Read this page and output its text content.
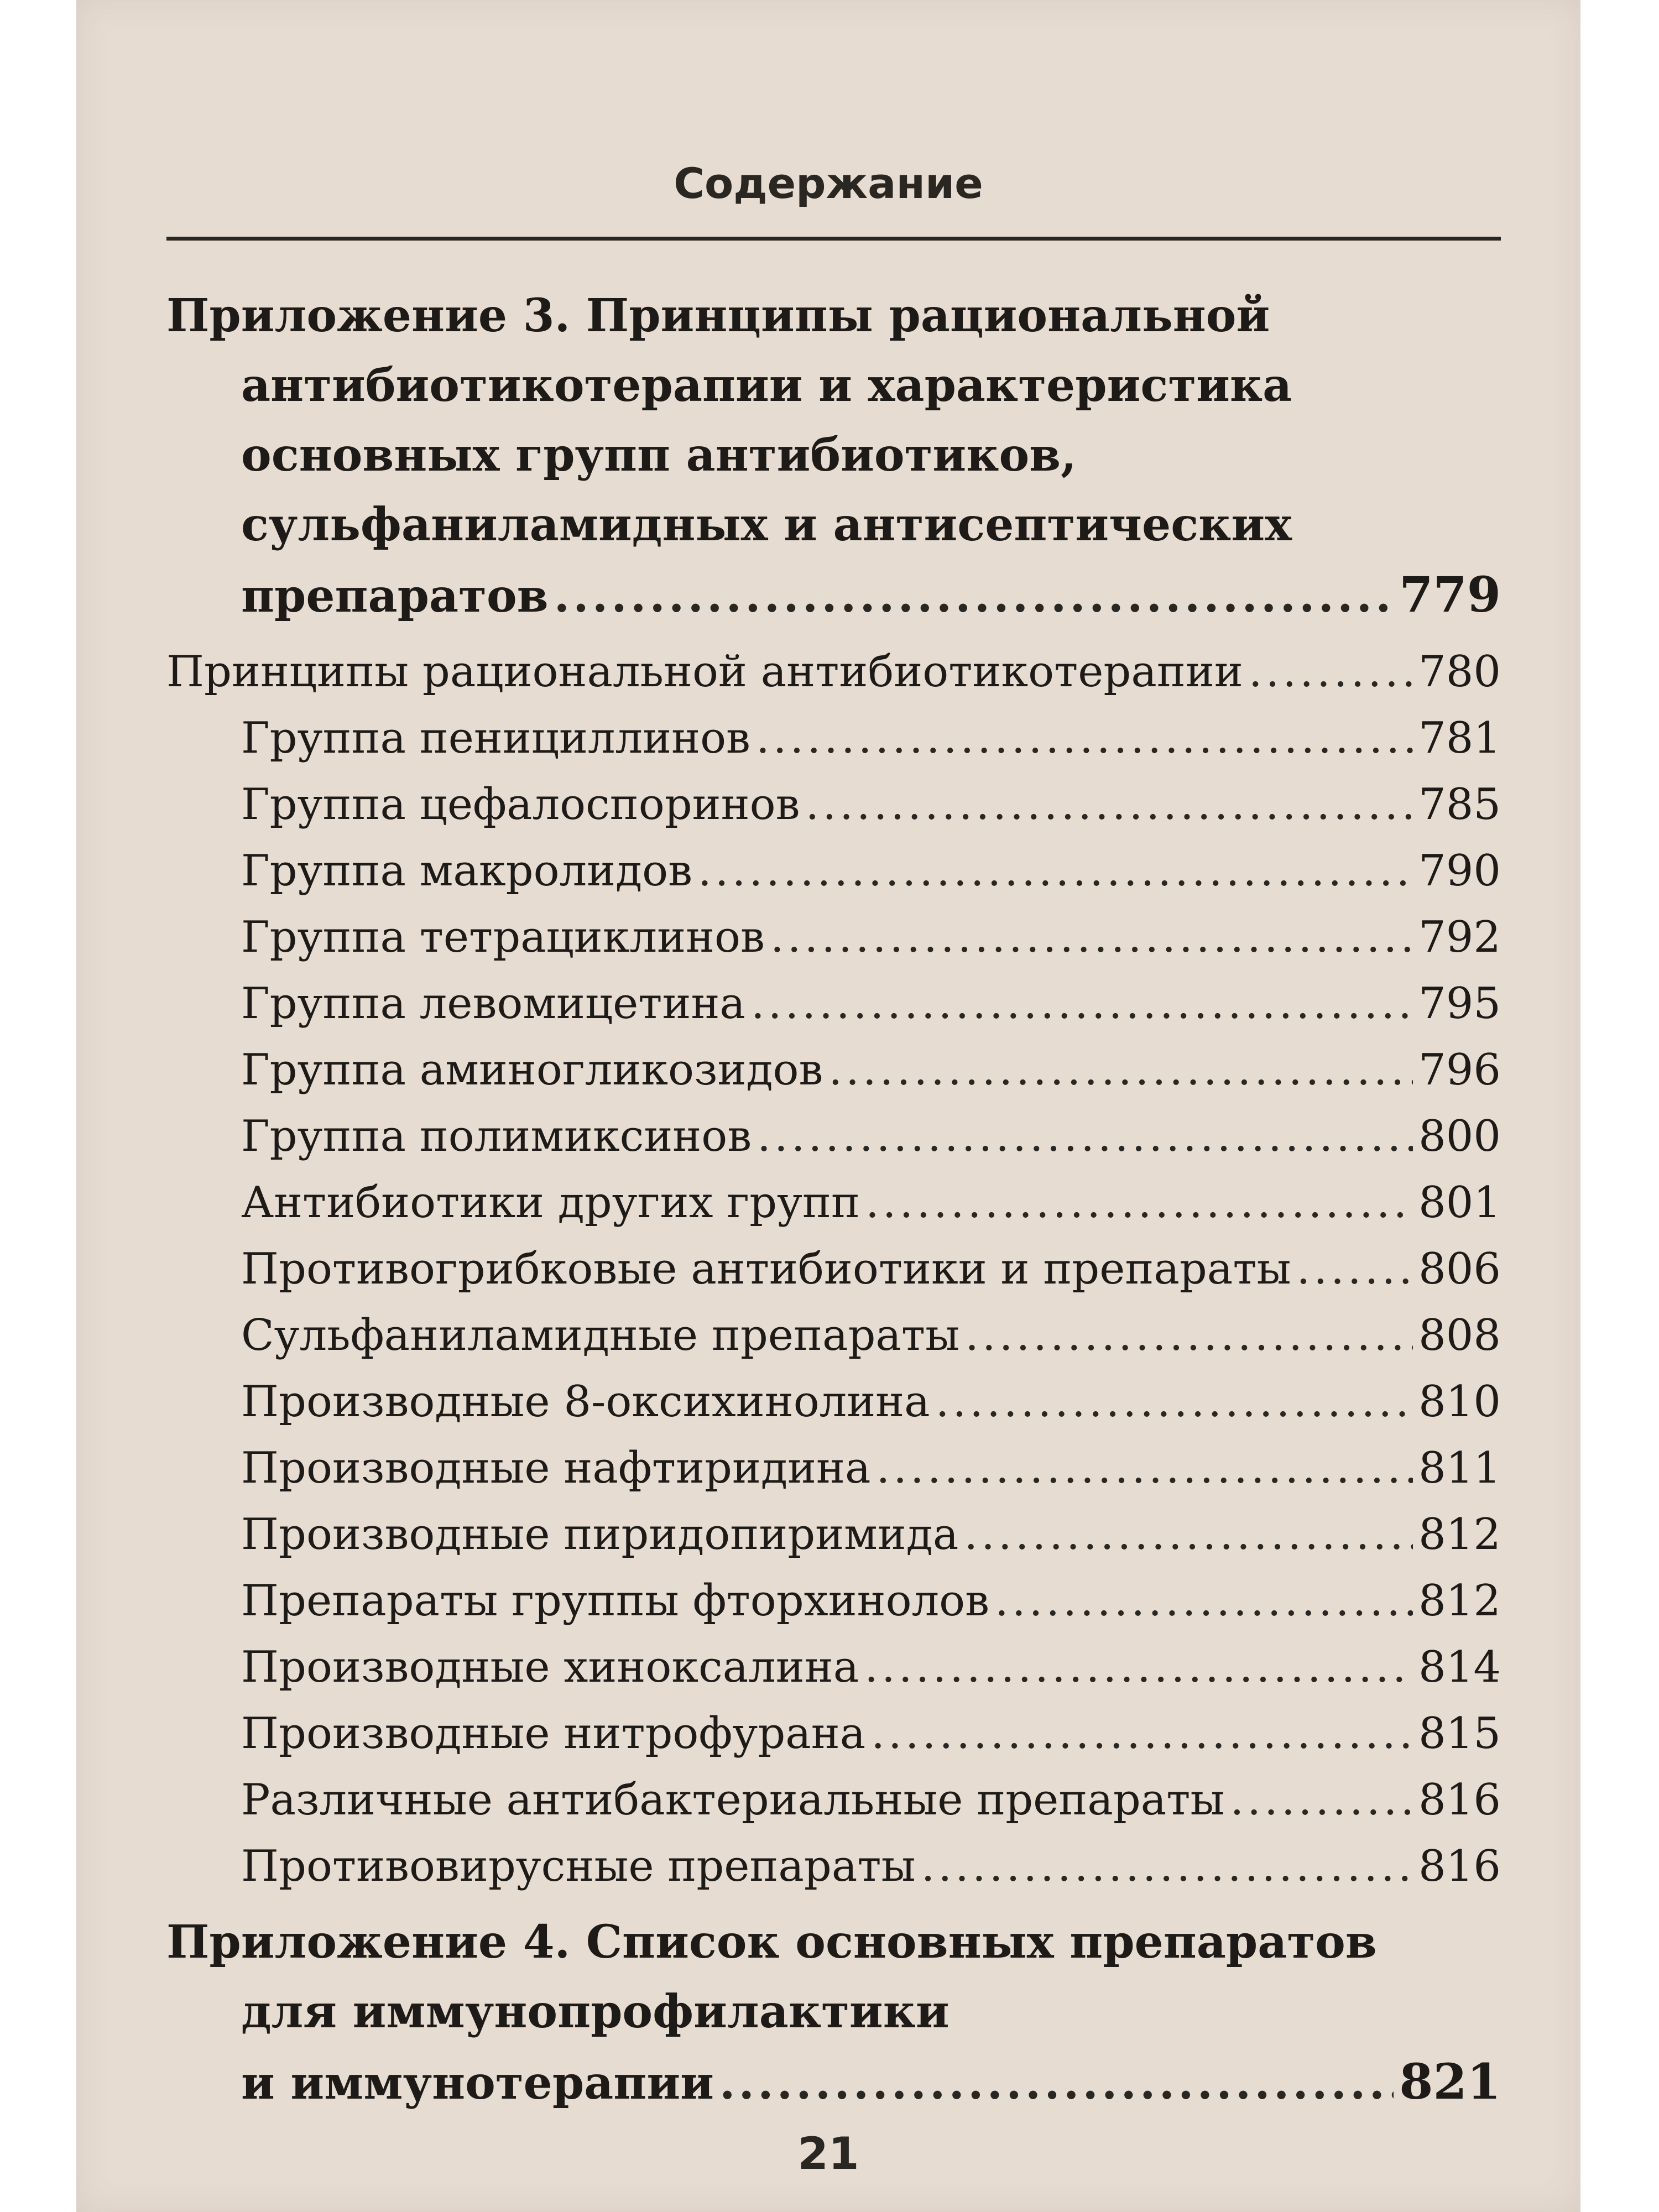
Содержание
Приложение 3. Принципы рациональной
антибиотикотерапии и характеристика
основных групп антибиотиков,
сульфаниламидных и антисептических
препаратов .....	779
Принципы рациональной антибиотикотерапии .....	780
Группа пенициллинов .....	781
Группа цефалоспоринов .....	785
Группа макролидов .....	790
Группа тетрациклинов .....	792
Группа левомицетина .....	795
Группа аминогликозидов .....	796
Группа полимиксинов .....	800
Антибиотики других групп .....	801
Противогрибковые антибиотики и препараты .....	806
Сульфаниламидные препараты .....	808
Производные 8-оксихинолина .....	810
Производные нафтиридина .....	811
Производные пиридопиримида .....	812
Препараты группы фторхинолов .....	812
Производные хиноксалина .....	814
Производные нитрофурана .....	815
Различные антибактериальные препараты .....	816
Противовирусные препараты .....	816
Приложение 4. Список основных препаратов
для иммунопрофилактики
и иммунотерапии .....	821
21
